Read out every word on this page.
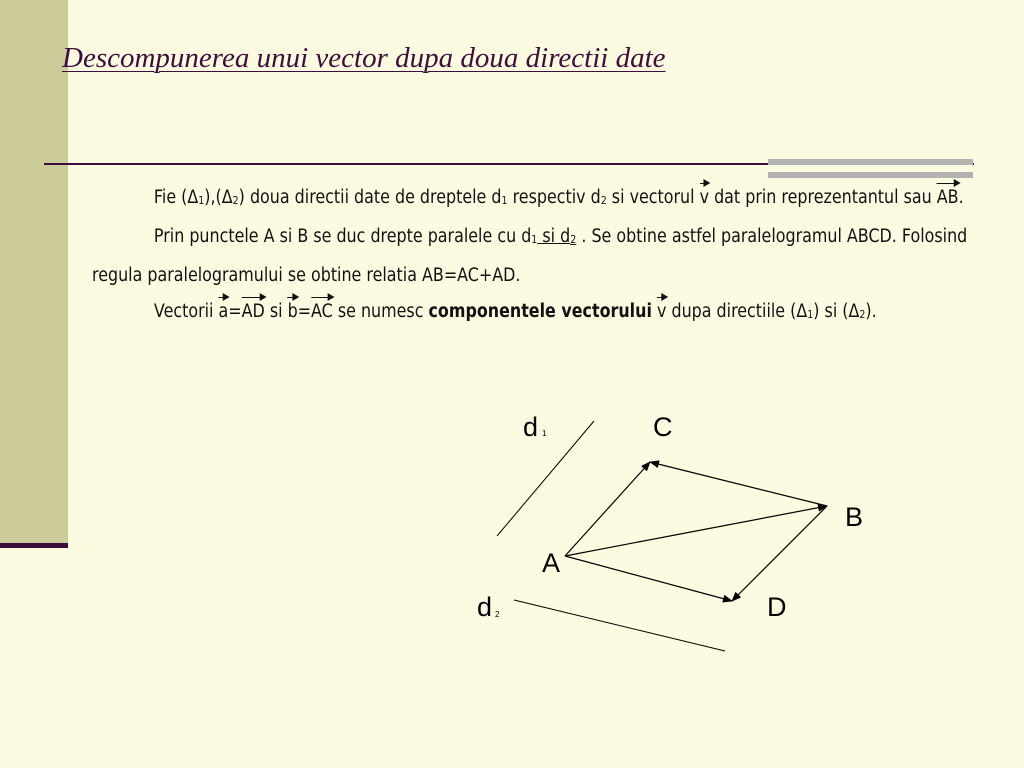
Descompunerea unui vector dupa doua directii date

Fie (Δ1),(Δ2) doua directii date de dreptele d1 respectiv d2 si vectorul v dat prin reprezentantul sau AB.

Prin punctele A si B se duc drepte paralele cu d1 si d2 . Se obtine astfel paralelogramul ABCD. Folosind regula paralelogramului se obtine relatia AB=AC+AD.

Vectorii a=AD si b=AC se numesc componentele vectorului v dupa directiile (Δ1) si (Δ2).

d 1	C
B
A
d 2	D
